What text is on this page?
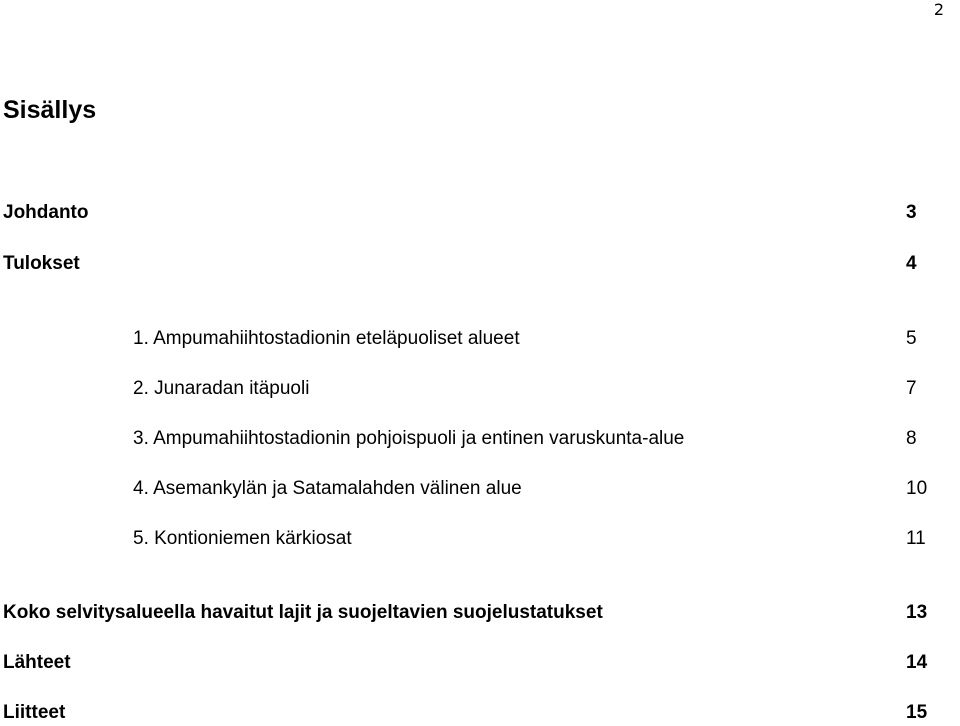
2
Sisällys
Johdanto	3
Tulokset	4
1. Ampumahiihtostadionin eteläpuoliset alueet	5
2. Junaradan itäpuoli	7
3. Ampumahiihtostadionin pohjoispuoli ja entinen varuskunta-alue	8
4. Asemankylän ja Satamalahden välinen alue	10
5. Kontioniemen kärkiosat	11
Koko selvitysalueella havaitut lajit ja suojeltavien suojelustatukset	13
Lähteet	14
Liitteet	15
